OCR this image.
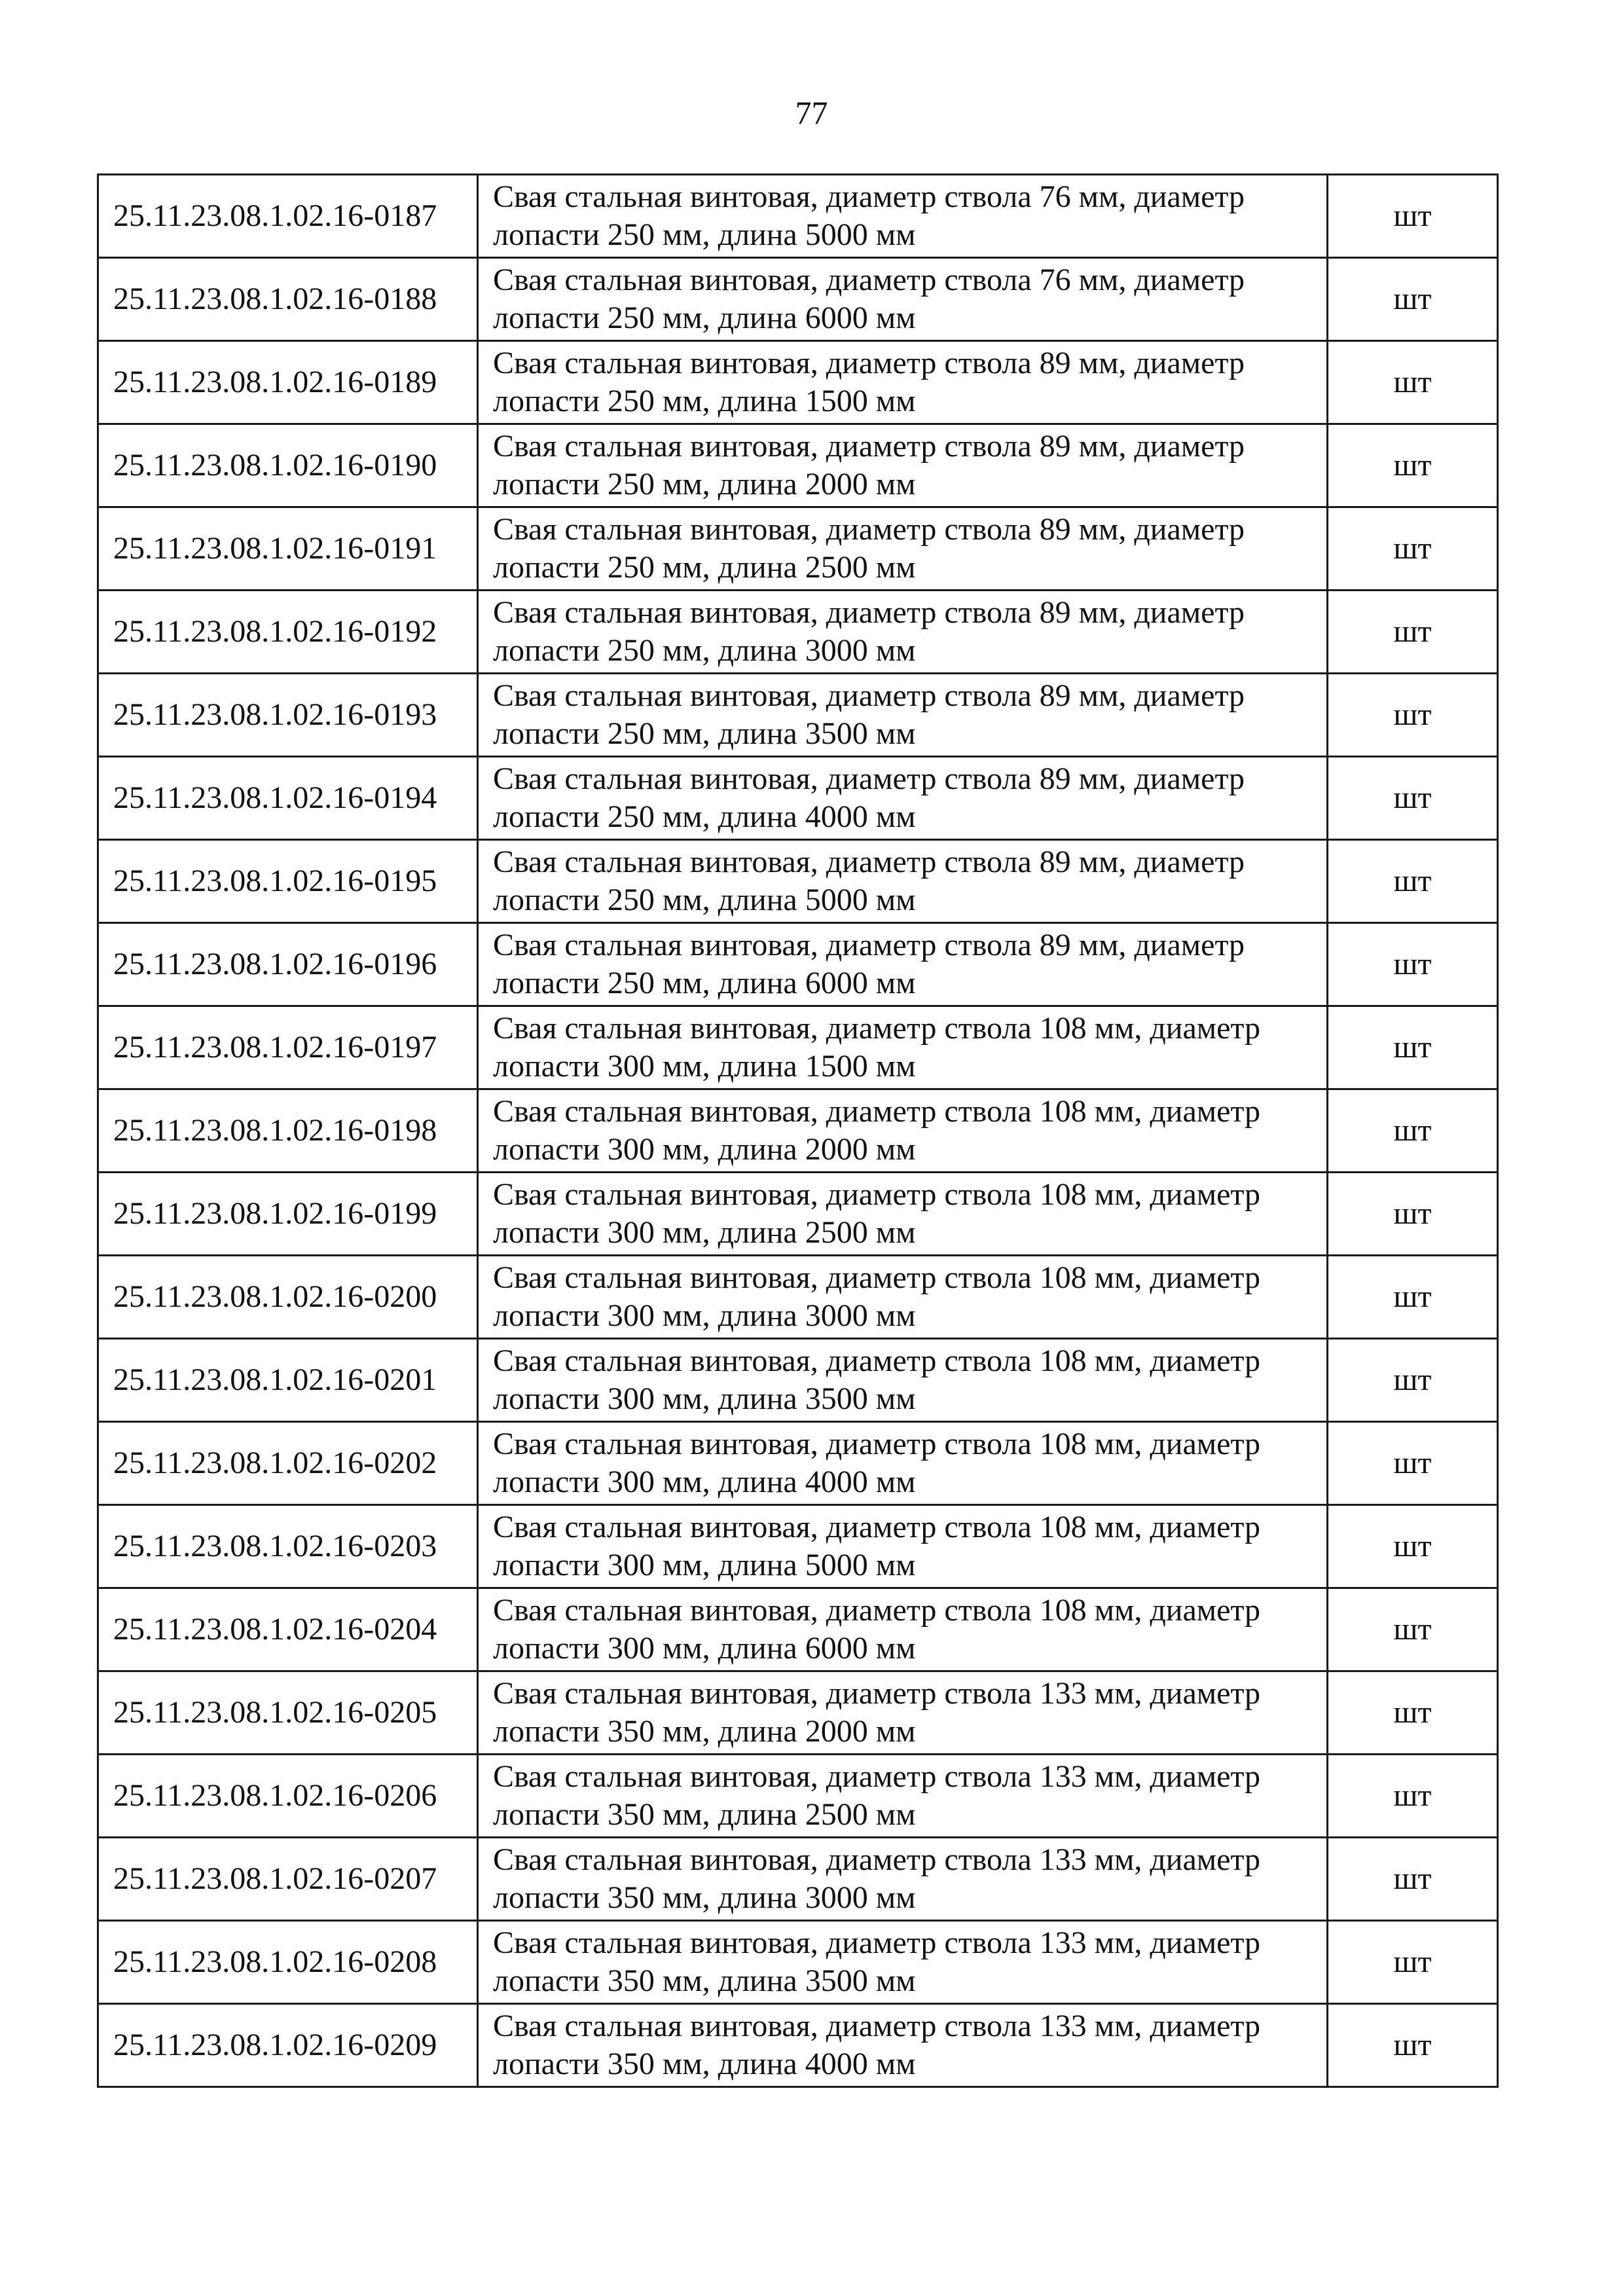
77
25.11.23.08.1.02.16-0187	Свая стальная винтовая, диаметр ствола 76 мм, диаметр
лопасти 250 мм, длина 5000 мм	шт
25.11.23.08.1.02.16-0188	Свая стальная винтовая, диаметр ствола 76 мм, диаметр
лопасти 250 мм, длина 6000 мм	шт
25.11.23.08.1.02.16-0189	Свая стальная винтовая, диаметр ствола 89 мм, диаметр
лопасти 250 мм, длина 1500 мм	шт
25.11.23.08.1.02.16-0190	Свая стальная винтовая, диаметр ствола 89 мм, диаметр
лопасти 250 мм, длина 2000 мм	шт
25.11.23.08.1.02.16-0191	Свая стальная винтовая, диаметр ствола 89 мм, диаметр
лопасти 250 мм, длина 2500 мм	шт
25.11.23.08.1.02.16-0192	Свая стальная винтовая, диаметр ствола 89 мм, диаметр
лопасти 250 мм, длина 3000 мм	шт
25.11.23.08.1.02.16-0193	Свая стальная винтовая, диаметр ствола 89 мм, диаметр
лопасти 250 мм, длина 3500 мм	шт
25.11.23.08.1.02.16-0194	Свая стальная винтовая, диаметр ствола 89 мм, диаметр
лопасти 250 мм, длина 4000 мм	шт
25.11.23.08.1.02.16-0195	Свая стальная винтовая, диаметр ствола 89 мм, диаметр
лопасти 250 мм, длина 5000 мм	шт
25.11.23.08.1.02.16-0196	Свая стальная винтовая, диаметр ствола 89 мм, диаметр
лопасти 250 мм, длина 6000 мм	шт
25.11.23.08.1.02.16-0197	Свая стальная винтовая, диаметр ствола 108 мм, диаметр
лопасти 300 мм, длина 1500 мм	шт
25.11.23.08.1.02.16-0198	Свая стальная винтовая, диаметр ствола 108 мм, диаметр
лопасти 300 мм, длина 2000 мм	шт
25.11.23.08.1.02.16-0199	Свая стальная винтовая, диаметр ствола 108 мм, диаметр
лопасти 300 мм, длина 2500 мм	шт
25.11.23.08.1.02.16-0200	Свая стальная винтовая, диаметр ствола 108 мм, диаметр
лопасти 300 мм, длина 3000 мм	шт
25.11.23.08.1.02.16-0201	Свая стальная винтовая, диаметр ствола 108 мм, диаметр
лопасти 300 мм, длина 3500 мм	шт
25.11.23.08.1.02.16-0202	Свая стальная винтовая, диаметр ствола 108 мм, диаметр
лопасти 300 мм, длина 4000 мм	шт
25.11.23.08.1.02.16-0203	Свая стальная винтовая, диаметр ствола 108 мм, диаметр
лопасти 300 мм, длина 5000 мм	шт
25.11.23.08.1.02.16-0204	Свая стальная винтовая, диаметр ствола 108 мм, диаметр
лопасти 300 мм, длина 6000 мм	шт
25.11.23.08.1.02.16-0205	Свая стальная винтовая, диаметр ствола 133 мм, диаметр
лопасти 350 мм, длина 2000 мм	шт
25.11.23.08.1.02.16-0206	Свая стальная винтовая, диаметр ствола 133 мм, диаметр
лопасти 350 мм, длина 2500 мм	шт
25.11.23.08.1.02.16-0207	Свая стальная винтовая, диаметр ствола 133 мм, диаметр
лопасти 350 мм, длина 3000 мм	шт
25.11.23.08.1.02.16-0208	Свая стальная винтовая, диаметр ствола 133 мм, диаметр
лопасти 350 мм, длина 3500 мм	шт
25.11.23.08.1.02.16-0209	Свая стальная винтовая, диаметр ствола 133 мм, диаметр
лопасти 350 мм, длина 4000 мм	шт
